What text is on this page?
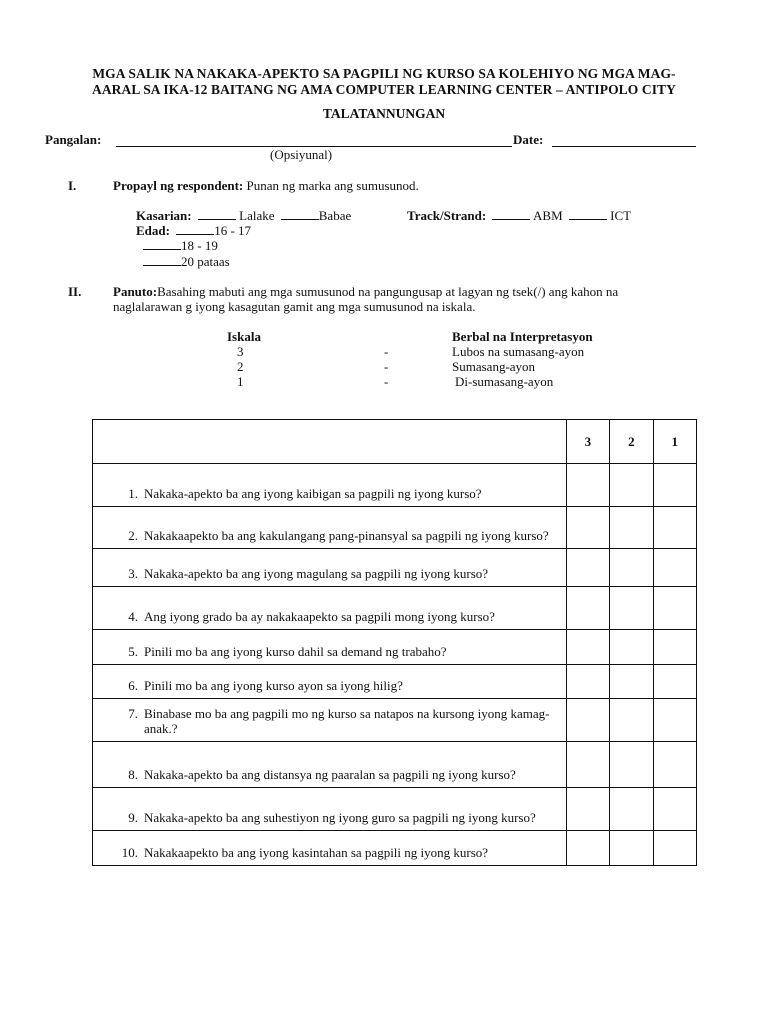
MGA SALIK NA NAKAKA-APEKTO SA PAGPILI NG KURSO SA KOLEHIYO NG MGA MAG-
AARAL SA IKA-12 BAITANG NG AMA COMPUTER LEARNING CENTER – ANTIPOLO CITY
TALATANNUNGAN
Pangalan:	Date:
(Opsiyunal)
I.	Propayl ng respondent: Punan ng marka ang sumusunod.
Kasarian:	Lalake	Babae	Track/Strand:	ABM	ICT
Edad:	16 - 17
18 - 19
20 pataas
II. Panuto:Basahing mabuti ang mga sumusunod na pangungusap at lagyan ng tsek(/) ang kahon na
naglalarawan g iyong kasagutan gamit ang mga sumusunod na iskala.
Iskala	Berbal na Interpretasyon
3	-	Lubos na sumasang-ayon
2	-	Sumasang-ayon
1	-	Di-sumasang-ayon
	3	2	1

1. Nakaka-apekto ba ang iyong kaibigan sa pagpili ng iyong kurso?			

2. Nakakaapekto ba ang kakulangang pang-pinansyal sa pagpili ng iyong kurso?			

3. Nakaka-apekto ba ang iyong magulang sa pagpili ng iyong kurso?			

4. Ang iyong grado ba ay nakakaapekto sa pagpili mong iyong kurso?			

5. Pinili mo ba ang iyong kurso dahil sa demand ng trabaho?			

6. Pinili mo ba ang iyong kurso ayon sa iyong hilig?			

7. Binabase mo ba ang pagpili mo ng kurso sa natapos na kursong iyong kamag-anak.?			

8. Nakaka-apekto ba ang distansya ng paaralan sa pagpili ng iyong kurso?			

9. Nakaka-apekto ba ang suhestiyon ng iyong guro sa pagpili ng iyong kurso?			

10. Nakakaapekto ba ang iyong kasintahan sa pagpili ng iyong kurso?			
